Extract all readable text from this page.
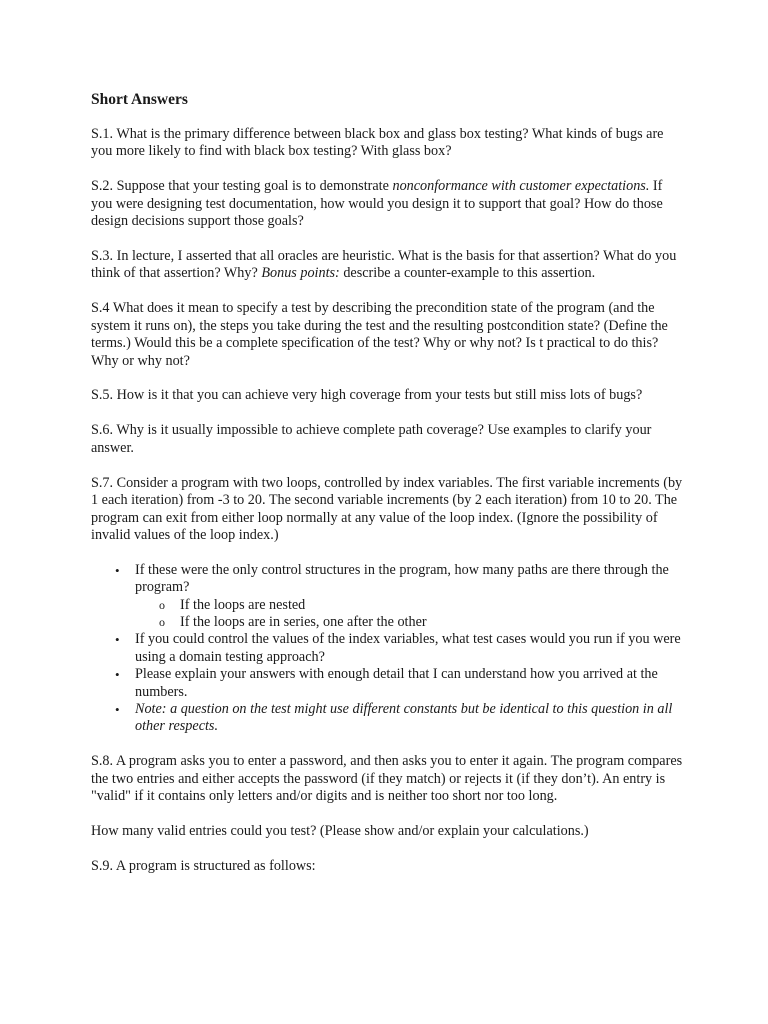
Short Answers

S.1. What is the primary difference between black box and glass box testing? What kinds of bugs are you more likely to find with black box testing? With glass box?

S.2. Suppose that your testing goal is to demonstrate nonconformance with customer expectations. If you were designing test documentation, how would you design it to support that goal? How do those design decisions support those goals?

S.3. In lecture, I asserted that all oracles are heuristic. What is the basis for that assertion? What do you think of that assertion? Why? Bonus points: describe a counter-example to this assertion.

S.4 What does it mean to specify a test by describing the precondition state of the program (and the system it runs on), the steps you take during the test and the resulting postcondition state? (Define the terms.) Would this be a complete specification of the test? Why or why not? Is t practical to do this? Why or why not?

S.5. How is it that you can achieve very high coverage from your tests but still miss lots of bugs?

S.6. Why is it usually impossible to achieve complete path coverage? Use examples to clarify your answer.

S.7. Consider a program with two loops, controlled by index variables. The first variable increments (by 1 each iteration) from -3 to 20. The second variable increments (by 2 each iteration) from 10 to 20. The program can exit from either loop normally at any value of the loop index. (Ignore the possibility of invalid values of the loop index.)

• If these were the only control structures in the program, how many paths are there through the program?
o If the loops are nested
o If the loops are in series, one after the other
• If you could control the values of the index variables, what test cases would you run if you were using a domain testing approach?
• Please explain your answers with enough detail that I can understand how you arrived at the numbers.
• Note: a question on the test might use different constants but be identical to this question in all other respects.

S.8. A program asks you to enter a password, and then asks you to enter it again. The program compares the two entries and either accepts the password (if they match) or rejects it (if they don’t). An entry is "valid" if it contains only letters and/or digits and is neither too short nor too long.

How many valid entries could you test? (Please show and/or explain your calculations.)

S.9. A program is structured as follows:
